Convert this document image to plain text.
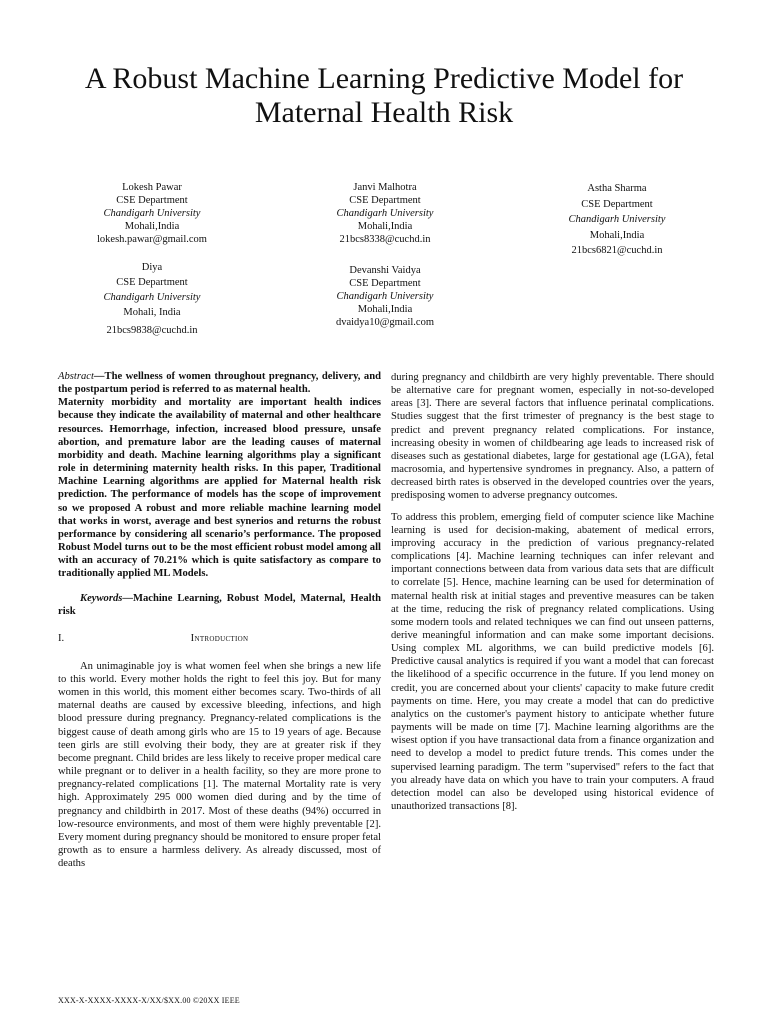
A Robust Machine Learning Predictive Model for
Maternal Health Risk
Lokesh Pawar
CSE Department
Chandigarh University
Mohali,India
lokesh.pawar@gmail.com
Janvi Malhotra
CSE Department
Chandigarh University
Mohali,India
21bcs8338@cuchd.in
Astha Sharma
CSE Department
Chandigarh University
Mohali,India
21bcs6821@cuchd.in
Diya
CSE Department
Chandigarh University
Mohali, India
21bcs9838@cuchd.in
Devanshi Vaidya
CSE Department
Chandigarh University
Mohali,India
dvaidya10@gmail.com

Abstract—The wellness of women throughout pregnancy, delivery, and the postpartum period is referred to as maternal health.

Maternity morbidity and mortality are important health indices because they indicate the availability of maternal and other healthcare resources. Hemorrhage, infection, increased blood pressure, unsafe abortion, and premature labor are the leading causes of maternal morbidity and death. Machine learning algorithms play a significant role in determining maternity health risks. In this paper, Traditional Machine Learning algorithms are applied for Maternal health risk prediction. The performance of models has the scope of improvement so we proposed A robust and more reliable machine learning model that works in worst, average and best synerios and returns the robust performance by considering all scenario’s performance. The proposed Robust Model turns out to be the most efficient robust model among all with an accuracy of 70.21% which is quite satisfactory as compare to traditionally applied ML Models.

Keywords—Machine Learning, Robust Model, Maternal, Health risk

I.	Introduction

An unimaginable joy is what women feel when she brings a new life to this world. Every mother holds the right to feel this joy. But for many women in this world, this moment either becomes scary. Two-thirds of all maternal deaths are caused by excessive bleeding, infections, and high blood pressure during pregnancy. Pregnancy-related complications is the biggest cause of death among girls who are 15 to 19 years of age. Because teen girls are still evolving their body, they are at greater risk if they become pregnant. Child brides are less likely to receive proper medical care while pregnant or to deliver in a health facility, so they are more prone to pregnancy-related complications [1]. The maternal Mortality rate is very high. Approximately 295 000 women died during and by the time of pregnancy and childbirth in 2017. Most of these deaths (94%) occurred in low-resource environments, and most of them were highly preventable [2]. Every moment during pregnancy should be monitored to ensure proper fetal growth as to ensure a harmless delivery. As already discussed, most of deaths

during pregnancy and childbirth are very highly preventable. There should be alternative care for pregnant women, especially in not-so-developed areas [3]. There are several factors that influence perinatal complications. Studies suggest that the first trimester of pregnancy is the best stage to predict and prevent pregnancy related complications. For instance, increasing obesity in women of childbearing age leads to increased risk of diseases such as gestational diabetes, large for gestational age (LGA), fetal macrosomia, and hypertensive syndromes in pregnancy. Also, a pattern of decreased birth rates is observed in the developed countries over the years, predisposing women to adverse pregnancy outcomes.

To address this problem, emerging field of computer science like Machine learning is used for decision-making, abatement of medical errors, improving accuracy in the prediction of various pregnancy-related complications [4]. Machine learning techniques can infer relevant and important connections between data from various data sets that are difficult to correlate [5]. Hence, machine learning can be used for determination of maternal health risk at initial stages and preventive measures can be taken at the time, reducing the risk of pregnancy related complications. Using some modern tools and related techniques we can find out unseen patterns, derive meaningful information and can make some important decisions. Using complex ML algorithms, we can build predictive models [6]. Predictive causal analytics is required if you want a model that can forecast the likelihood of a specific occurrence in the future. If you lend money on credit, you are concerned about your clients' capacity to make future credit payments on time. Here, you may create a model that can do predictive analytics on the customer's payment history to anticipate whether future payments will be made on time [7]. Machine learning algorithms are the wisest option if you have transactional data from a finance organization and need to develop a model to predict future trends. This comes under the supervised learning paradigm. The term "supervised" refers to the fact that you already have data on which you have to train your computers. A fraud detection model can also be developed using historical evidence of unauthorized transactions [8].

XXX-X-XXXX-XXXX-X/XX/$XX.00 ©20XX IEEE
